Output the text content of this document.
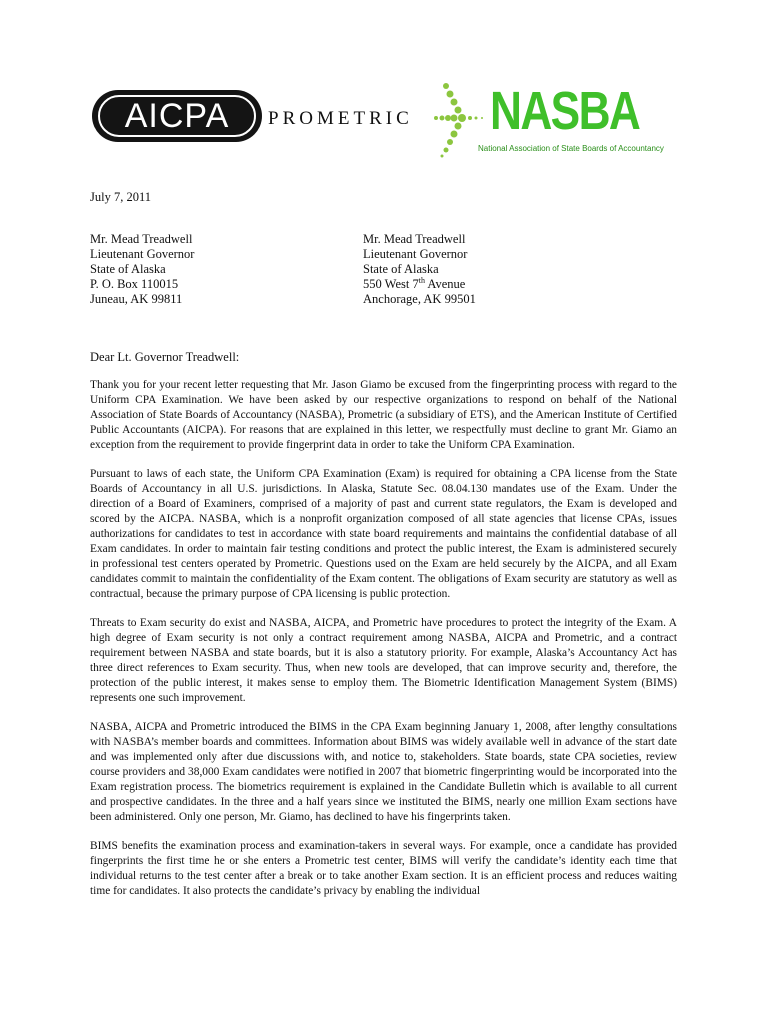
AICPA	PROMETRIC NASBA
National Association of State Boards of Accountancy
July 7, 2011
Mr. Mead Treadwell
Lieutenant Governor
State of Alaska
P. O. Box 110015
Juneau, AK 99811
Mr. Mead Treadwell
Lieutenant Governor
State of Alaska
550 West 7th Avenue
Anchorage, AK 99501
Dear Lt. Governor Treadwell:

Thank you for your recent letter requesting that Mr. Jason Giamo be excused from the fingerprinting process with regard to the Uniform CPA Examination. We have been asked by our respective organizations to respond on behalf of the National Association of State Boards of Accountancy (NASBA), Prometric (a subsidiary of ETS), and the American Institute of Certified Public Accountants (AICPA). For reasons that are explained in this letter, we respectfully must decline to grant Mr. Giamo an exception from the requirement to provide fingerprint data in order to take the Uniform CPA Examination.

Pursuant to laws of each state, the Uniform CPA Examination (Exam) is required for obtaining a CPA license from the State Boards of Accountancy in all U.S. jurisdictions. In Alaska, Statute Sec. 08.04.130 mandates use of the Exam. Under the direction of a Board of Examiners, comprised of a majority of past and current state regulators, the Exam is developed and scored by the AICPA. NASBA, which is a nonprofit organization composed of all state agencies that license CPAs, issues authorizations for candidates to test in accordance with state board requirements and maintains the confidential database of all Exam candidates. In order to maintain fair testing conditions and protect the public interest, the Exam is administered securely in professional test centers operated by Prometric. Questions used on the Exam are held securely by the AICPA, and all Exam candidates commit to maintain the confidentiality of the Exam content. The obligations of Exam security are statutory as well as contractual, because the primary purpose of CPA licensing is public protection.

Threats to Exam security do exist and NASBA, AICPA, and Prometric have procedures to protect the integrity of the Exam. A high degree of Exam security is not only a contract requirement among NASBA, AICPA and Prometric, and a contract requirement between NASBA and state boards, but it is also a statutory priority. For example, Alaska’s Accountancy Act has three direct references to Exam security. Thus, when new tools are developed, that can improve security and, therefore, the protection of the public interest, it makes sense to employ them. The Biometric Identification Management System (BIMS) represents one such improvement.

NASBA, AICPA and Prometric introduced the BIMS in the CPA Exam beginning January 1, 2008, after lengthy consultations with NASBA’s member boards and committees. Information about BIMS was widely available well in advance of the start date and was implemented only after due discussions with, and notice to, stakeholders. State boards, state CPA societies, review course providers and 38,000 Exam candidates were notified in 2007 that biometric fingerprinting would be incorporated into the Exam registration process. The biometrics requirement is explained in the Candidate Bulletin which is available to all current and prospective candidates. In the three and a half years since we instituted the BIMS, nearly one million Exam sections have been administered. Only one person, Mr. Giamo, has declined to have his fingerprints taken.

BIMS benefits the examination process and examination-takers in several ways. For example, once a candidate has provided fingerprints the first time he or she enters a Prometric test center, BIMS will verify the candidate’s identity each time that individual returns to the test center after a break or to take another Exam section. It is an efficient process and reduces waiting time for candidates. It also protects the candidate’s privacy by enabling the individual
